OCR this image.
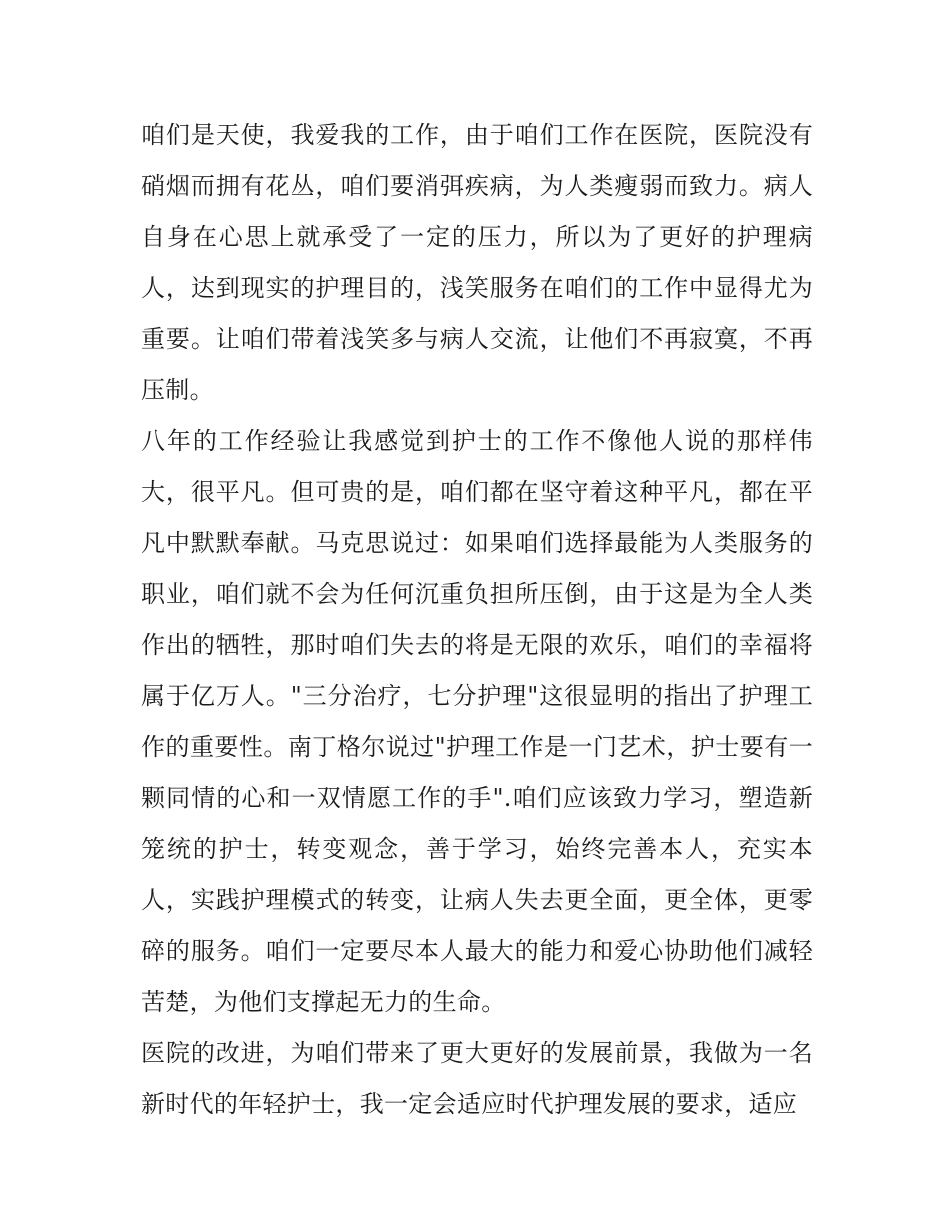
咱们是天使，我爱我的工作，由于咱们工作在医院，医院没有硝烟而拥有花丛，咱们要消弭疾病，为人类瘦弱而致力。病人自身在心思上就承受了一定的压力，所以为了更好的护理病人，达到现实的护理目的，浅笑服务在咱们的工作中显得尤为重要。让咱们带着浅笑多与病人交流，让他们不再寂寞，不再压制。

八年的工作经验让我感觉到护士的工作不像他人说的那样伟大，很平凡。但可贵的是，咱们都在坚守着这种平凡，都在平凡中默默奉献。马克思说过：如果咱们选择最能为人类服务的职业，咱们就不会为任何沉重负担所压倒，由于这是为全人类作出的牺牲，那时咱们失去的将是无限的欢乐，咱们的幸福将属于亿万人。"三分治疗，七分护理"这很显明的指出了护理工作的重要性。南丁格尔说过"护理工作是一门艺术，护士要有一颗同情的心和一双情愿工作的手".咱们应该致力学习，塑造新笼统的护士，转变观念，善于学习，始终完善本人，充实本人，实践护理模式的转变，让病人失去更全面，更全体，更零碎的服务。咱们一定要尽本人最大的能力和爱心协助他们减轻苦楚，为他们支撑起无力的生命。

医院的改进，为咱们带来了更大更好的发展前景，我做为一名新时代的年轻护士，我一定会适应时代护理发展的要求，适应
